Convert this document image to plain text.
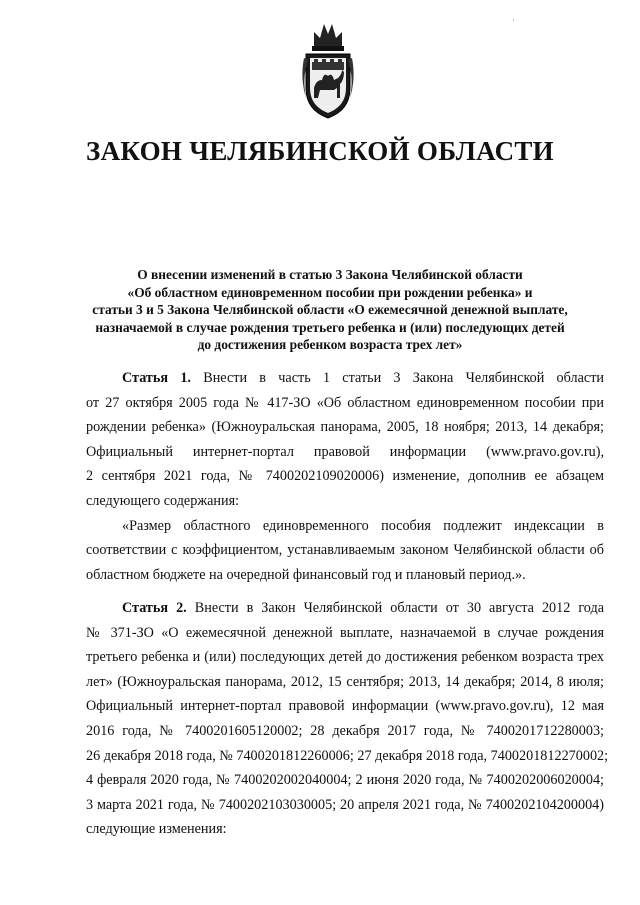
·
ЗАКОН ЧЕЛЯБИНСКОЙ ОБЛАСТИ
О внесении изменений в статью 3 Закона Челябинской области
«Об областном единовременном пособии при рождении ребенка» и
статьи 3 и 5 Закона Челябинской области «О ежемесячной денежной выплате,
назначаемой в случае рождения третьего ребенка и (или) последующих детей
до достижения ребенком возраста трех лет»
Статья 1. Внести в часть 1 статьи 3 Закона Челябинской области
от 27 октября 2005 года № 417-ЗО «Об областном единовременном пособии при
рождении ребенка» (Южноуральская панорама, 2005, 18 ноября; 2013, 14 декабря;
Официальный интернет-портал правовой информации (www.pravo.gov.ru),
2 сентября 2021 года, № 7400202109020006) изменение, дополнив ее абзацем
следующего содержания:
«Размер областного единовременного пособия подлежит индексации в
соответствии с коэффициентом, устанавливаемым законом Челябинской области об
областном бюджете на очередной финансовый год и плановый период.».
Статья 2. Внести в Закон Челябинской области от 30 августа 2012 года
№ 371-ЗО «О ежемесячной денежной выплате, назначаемой в случае рождения
третьего ребенка и (или) последующих детей до достижения ребенком возраста трех
лет» (Южноуральская панорама, 2012, 15 сентября; 2013, 14 декабря; 2014, 8 июля;
Официальный интернет-портал правовой информации (www.pravo.gov.ru), 12 мая
2016 года, № 7400201605120002; 28 декабря 2017 года, № 7400201712280003;
26 декабря 2018 года, № 7400201812260006; 27 декабря 2018 года, 7400201812270002;
4 февраля 2020 года, № 7400202002040004; 2 июня 2020 года, № 7400202006020004;
3 марта 2021 года, № 7400202103030005; 20 апреля 2021 года, № 7400202104200004)
следующие изменения:
